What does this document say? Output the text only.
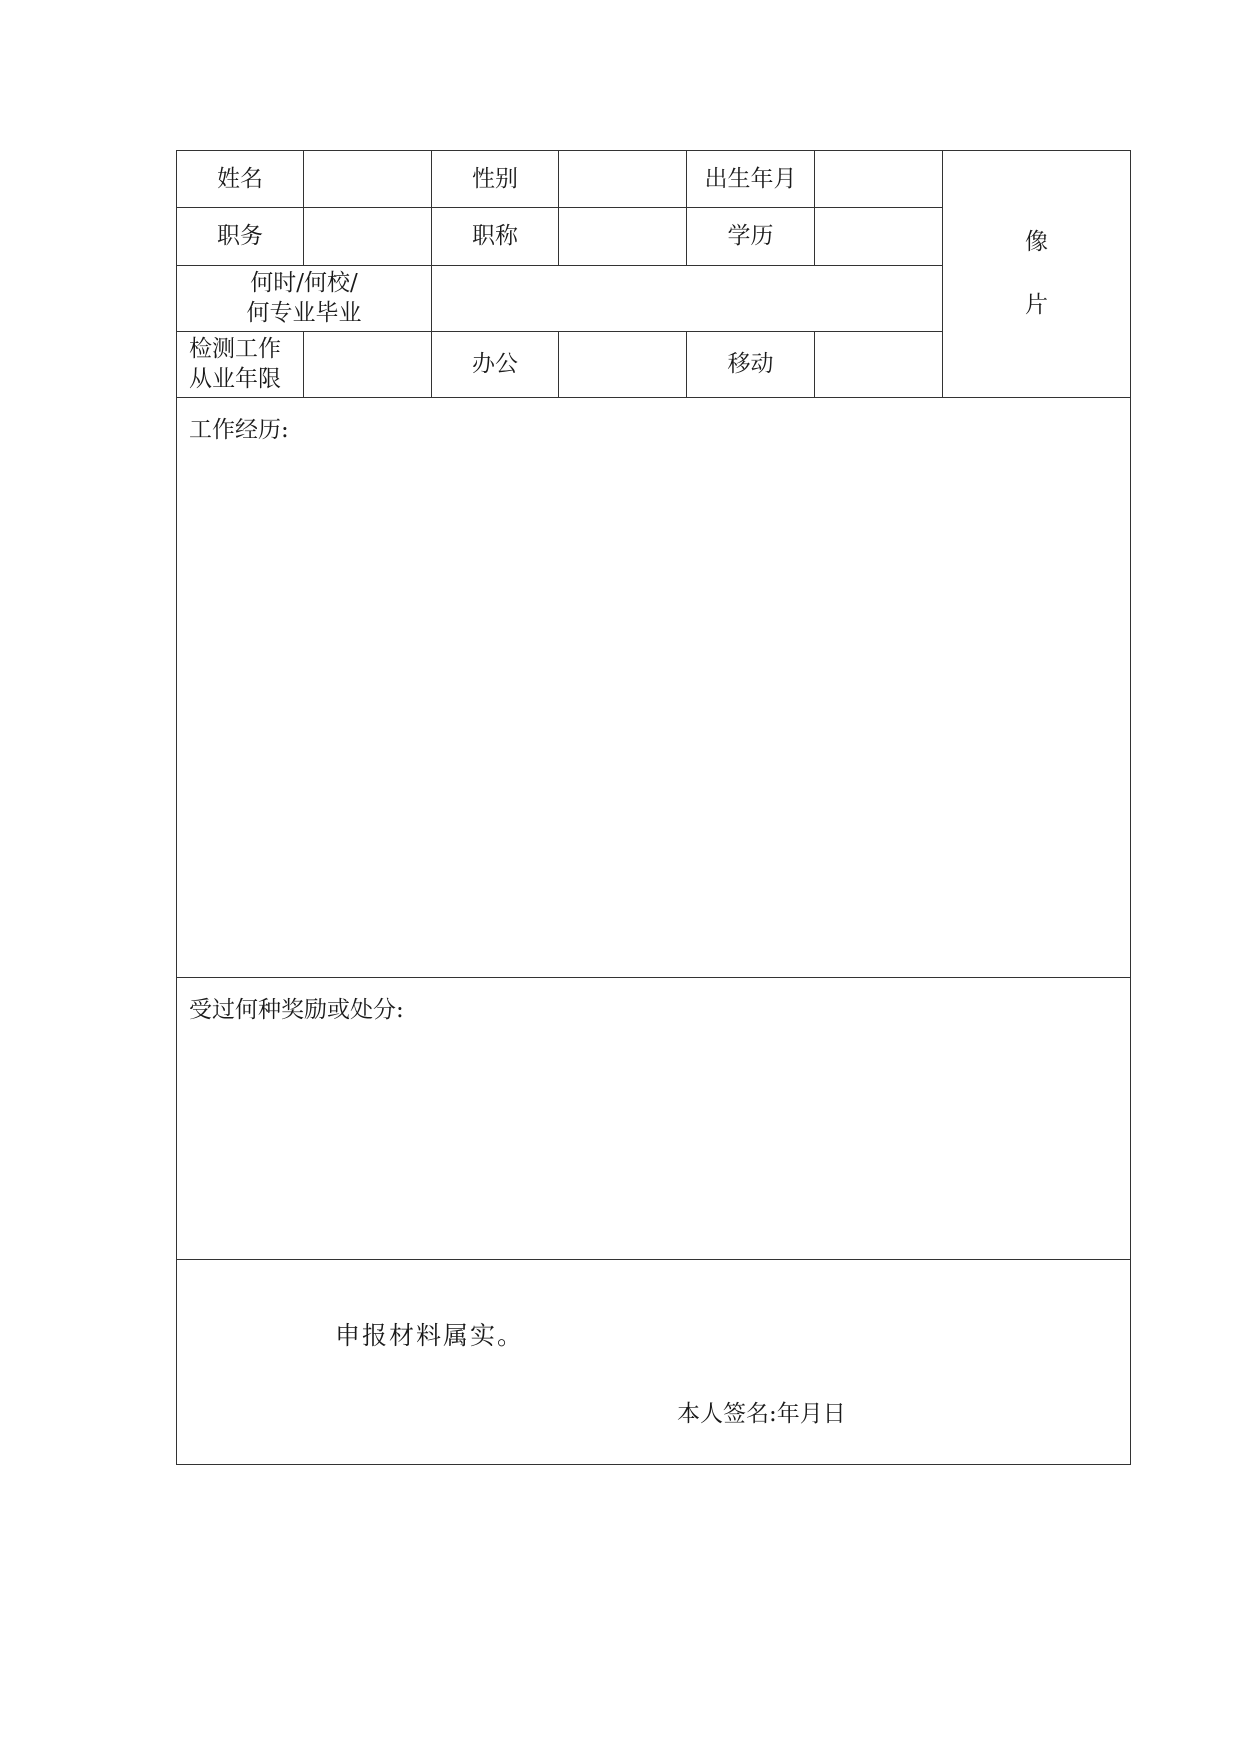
姓名		性别		出生年月		像
片

职务		职称		学历		

何时/何校/
何专业毕业						

检测工作
从业年限		办公		移动		
工作经历:						
受过何种奖励或处分:						

申报材料属实。
本人签名:年月日						
